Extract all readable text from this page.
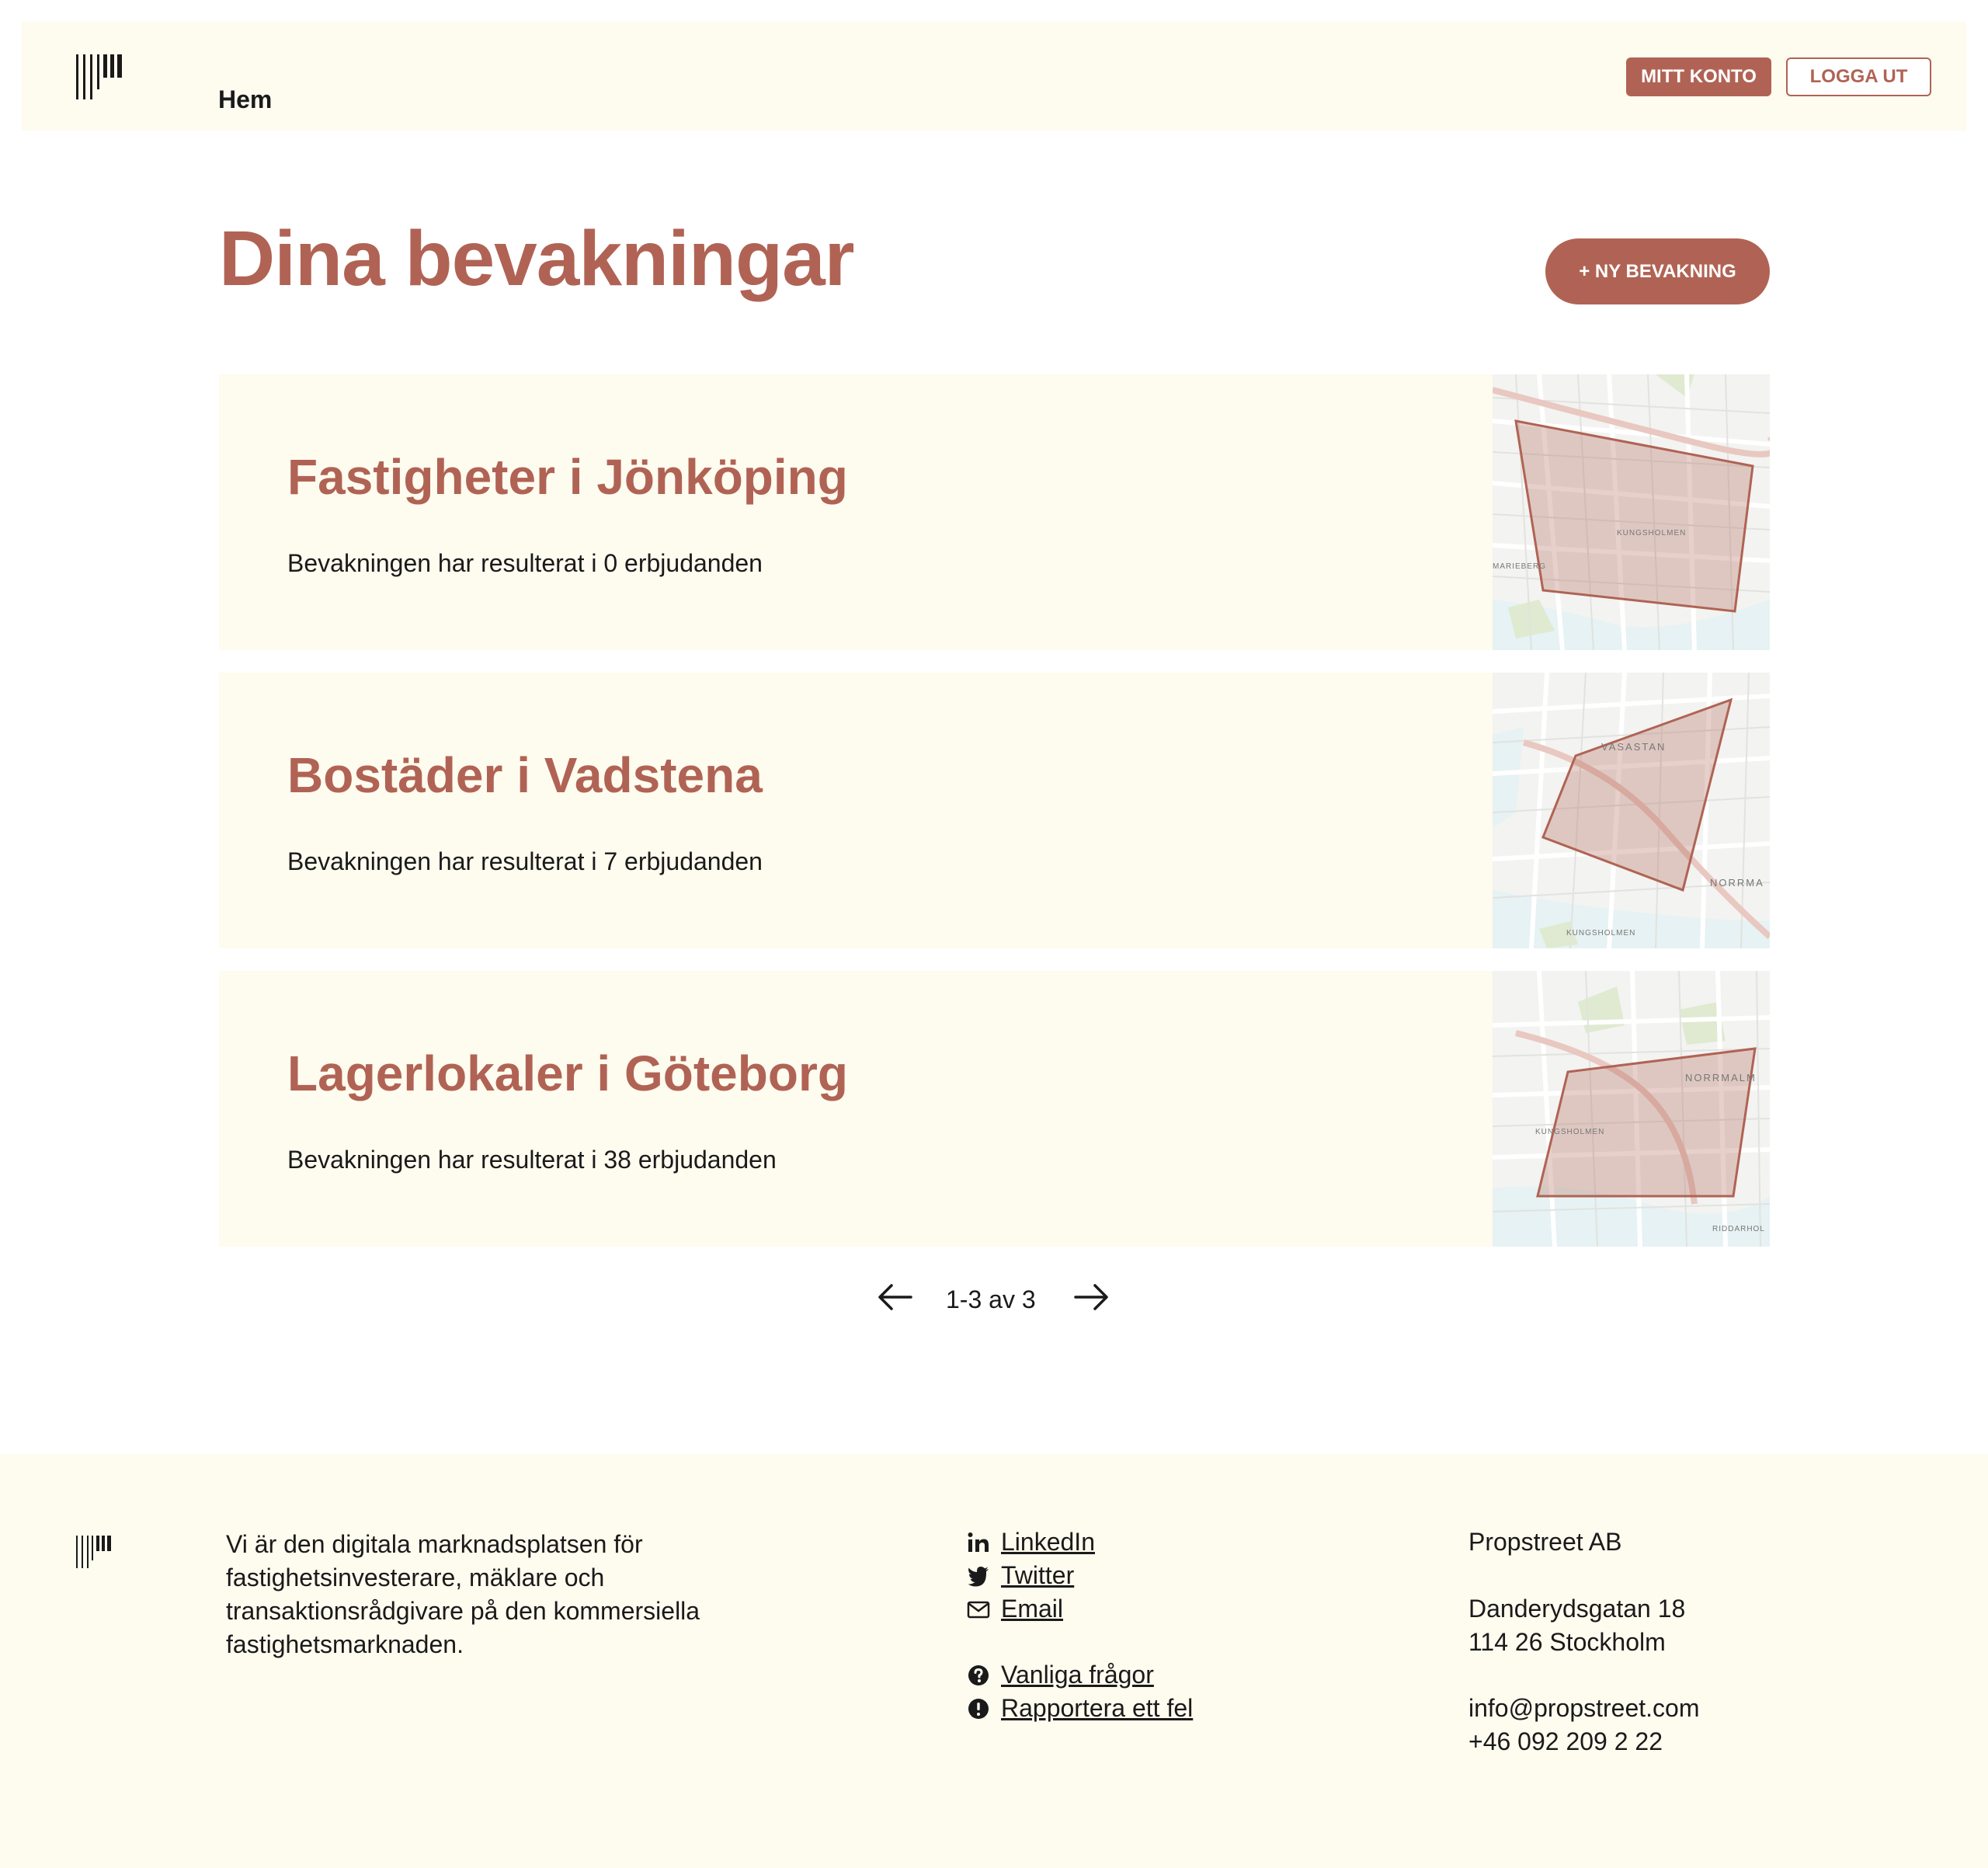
Hem
MITT KONTO	LOGGA UT
Dina bevakningar	+ NY BEVAKNING
Fastigheter i Jönköping
Bevakningen har resulterat i 0 erbjudanden
KUNGSHOLMEN
MARIEBERG
Bostäder i Vadstena
Bevakningen har resulterat i 7 erbjudanden
VASASTAN
NORRMA
KUNGSHOLMEN
Lagerlokaler i Göteborg
Bevakningen har resulterat i 38 erbjudanden
NORRMALM
KUNGSHOLMEN
RIDDARHOL
1-3 av 3

Vi är den digitala marknadsplatsen för fastighetsinvesterare, mäklare och transaktionsrådgivare på den kommersiella fastighetsmarknaden.

LinkedIn
Twitter
Email
Vanliga frågor
Rapportera ett fel
Propstreet AB
Danderydsgatan 18
114 26 Stockholm
info@propstreet.com
+46 092 209 2 22
